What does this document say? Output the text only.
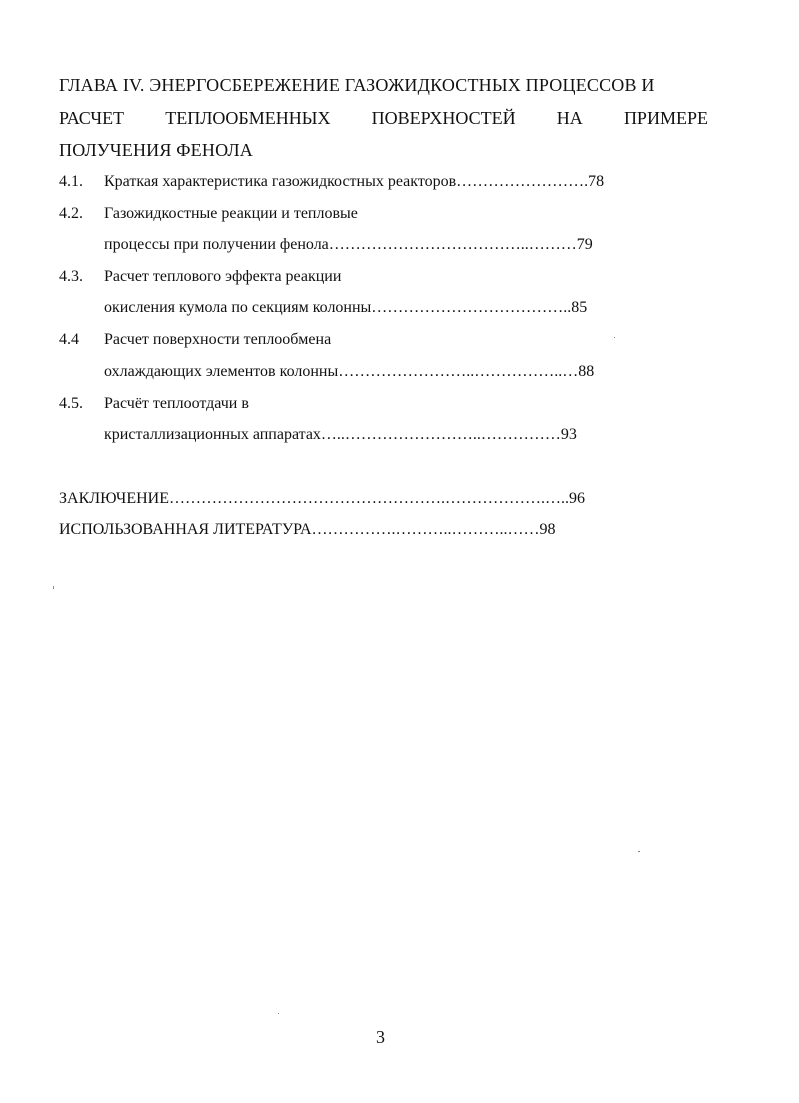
ГЛАВА IV. ЭНЕРГОСБЕРЕЖЕНИЕ ГАЗОЖИДКОСТНЫХ ПРОЦЕССОВ И
РАСЧЕТ ТЕПЛООБМЕННЫХ ПОВЕРХНОСТЕЙ НА ПРИМЕРЕ
ПОЛУЧЕНИЯ ФЕНОЛА
4.1. Краткая характеристика газожидкостных реакторов…………………….78
4.2. Газожидкостные реакции и тепловые
процессы при получении фенола………………………………..………79
4.3. Расчет теплового эффекта реакции
окисления кумола по секциям колонны………………………………..85
4.4 Расчет поверхности теплообмена
охлаждающих элементов колонны……………………..……………..…88
4.5. Расчёт теплоотдачи в
кристаллизационных аппаратах…..……………………..……………93
ЗАКЛЮЧЕНИЕ…………………………………………….……………….…..96
ИСПОЛЬЗОВАННАЯ ЛИТЕРАТУРА…………….………..………..……98
3
